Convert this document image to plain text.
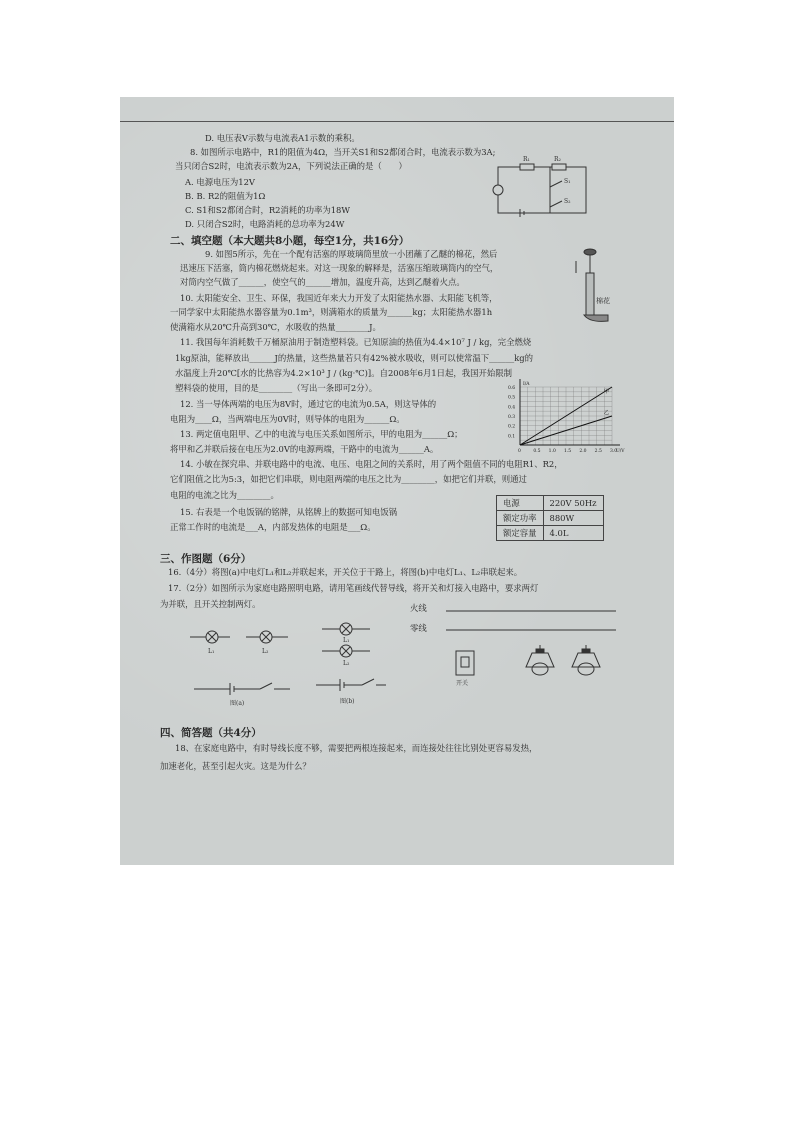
D. 电压表V示数与电流表A1示数的乘积。
8. 如图所示电路中，R1的阻值为4Ω，当开关S1和S2都闭合时，电流表示数为3A;
当只闭合S2时，电流表示数为2A，下列说法正确的是（　　）
A. 电源电压为12V
B. B. R2的阻值为1Ω
C. S1和S2都闭合时，R2消耗的功率为18W
D. 只闭合S2时，电路消耗的总功率为24W
R₁	R₂
S₁
S₂
二、填空题（本大题共8小题，每空1分，共16分）
9. 如图5所示，先在一个配有活塞的厚玻璃筒里放一小团蘸了乙醚的棉花，然后
迅速压下活塞，筒内棉花燃烧起来。对这一现象的解释是，活塞压缩玻璃筒内的空气，
对筒内空气做了______，使空气的______增加，温度升高，达到乙醚着火点。
10. 太阳能安全、卫生、环保，我国近年来大力开发了太阳能热水器、太阳能飞机等，
一同学家中太阳能热水器容量为0.1m³，则满箱水的质量为______kg；太阳能热水器1h
使满箱水从20℃升高到30℃，水吸收的热量________J。
棉花
11. 我国每年消耗数千万桶原油用于制造塑料袋。已知原油的热值为4.4×10⁷ J / kg，完全燃烧
1kg原油，能释放出______J的热量，这些热量若只有42%被水吸收，则可以使常温下______kg的
水温度上升20℃[水的比热容为4.2×10³ J / (kg·℃)]。自2008年6月1日起，我国开始限制
塑料袋的使用，目的是________（写出一条即可2分）。
12. 当一导体两端的电压为8V时，通过它的电流为0.5A，则这导体的
电阻为____Ω，当两端电压为0V时，则导体的电阻为______Ω。
13. 两定值电阻甲、乙中的电流与电压关系如图所示，甲的电阻为______Ω；
将甲和乙并联后接在电压为2.0V的电源两端，干路中的电流为______A。	0	0.5 1.0 1.5 2.0 2.5 3.0
0.1
0.2
0.3
0.4
0.5
0.6
U/V
I/A
甲
乙
14. 小敏在探究串、并联电路中的电流、电压、电阻之间的关系时，用了两个阻值不同的电阻R1、R2，
它们阻值之比为5:3，如把它们串联，则电阻两端的电压之比为________，如把它们并联，则通过
电阻的电流之比为________。
15. 右表是一个电饭锅的铭牌，从铭牌上的数据可知电饭锅
正常工作时的电流是___A，内部发热体的电阻是___Ω。
电源	220V 50Hz
额定功率	880W
额定容量	4.0L
三、作图题（6分）
16.（4分）将图(a)中电灯L₁和L₂并联起来，开关位于干路上，将图(b)中电灯L₁、L₂串联起来。
17.（2分）如图所示为家庭电路照明电路，请用笔画线代替导线，将开关和灯接入电路中，要求两灯
为并联，且开关控制两灯。
L₁	L₂
图(a)
L₁
L₂
图(b)
火线
零线
开关
四、简答题（共4分）
18、在家庭电路中，有时导线长度不够，需要把两根连接起来，而连接处往往比别处更容易发热，
加速老化，甚至引起火灾。这是为什么？
